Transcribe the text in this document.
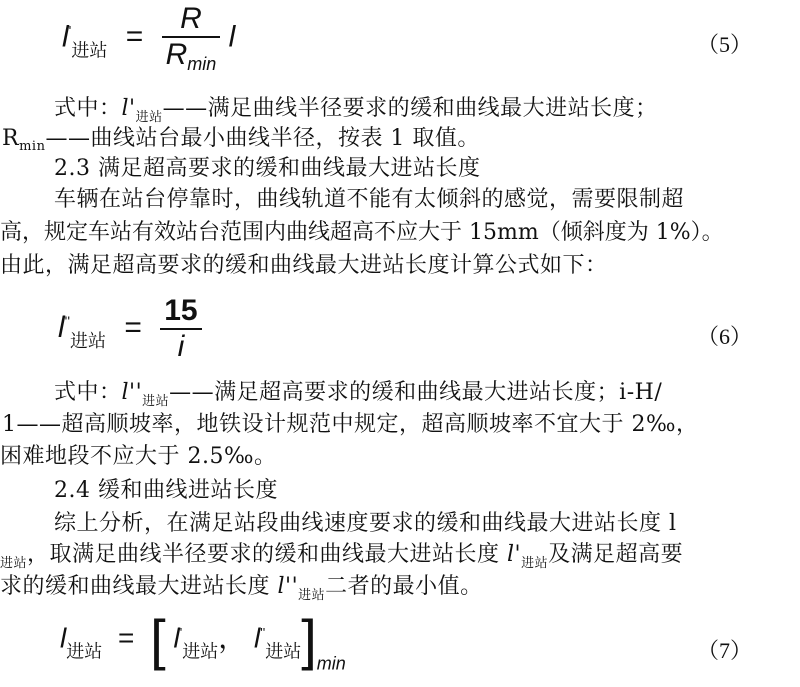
$l'_{进站} = \frac{R}{R_{min}}$ l	（5）
式中：$l'_{进站}——$满足曲线半径要求的缓和曲线最大进站长度；
$R_{min}——$曲线站台最小曲线半径，按表 1 取值。
2.3 满足超高要求的缓和曲线最大进站长度
车辆在站台停靠时，曲线轨道不能有太倾斜的感觉，需要限制超
高，规定车站有效站台范围内曲线超高不应大于 15mm（倾斜度为 1%）。
由此，满足超高要求的缓和曲线最大进站长度计算公式如下：
$l''_{进站} = \frac{15}{i}$	（6）
式中：$l''_{进站}——$满足超高要求的缓和曲线最大进站长度；i-H/
1——超高顺坡率，地铁设计规范中规定，超高顺坡率不宜大于 2‰，
困难地段不应大于 2.5‰。
2.4 缓和曲线进站长度
综上分析，在满足站段曲线速度要求的缓和曲线最大进站长度 l
$_{进站}$，取满足曲线半径要求的缓和曲线最大进站长度 $l'_{进站}$及满足超高要
求的缓和曲线最大进站长度 $l''_{进站}$二者的最小值。
$l_{进站}$ = [ $l'_{进站}$， $l''_{进站}]_{min}$
（7）
